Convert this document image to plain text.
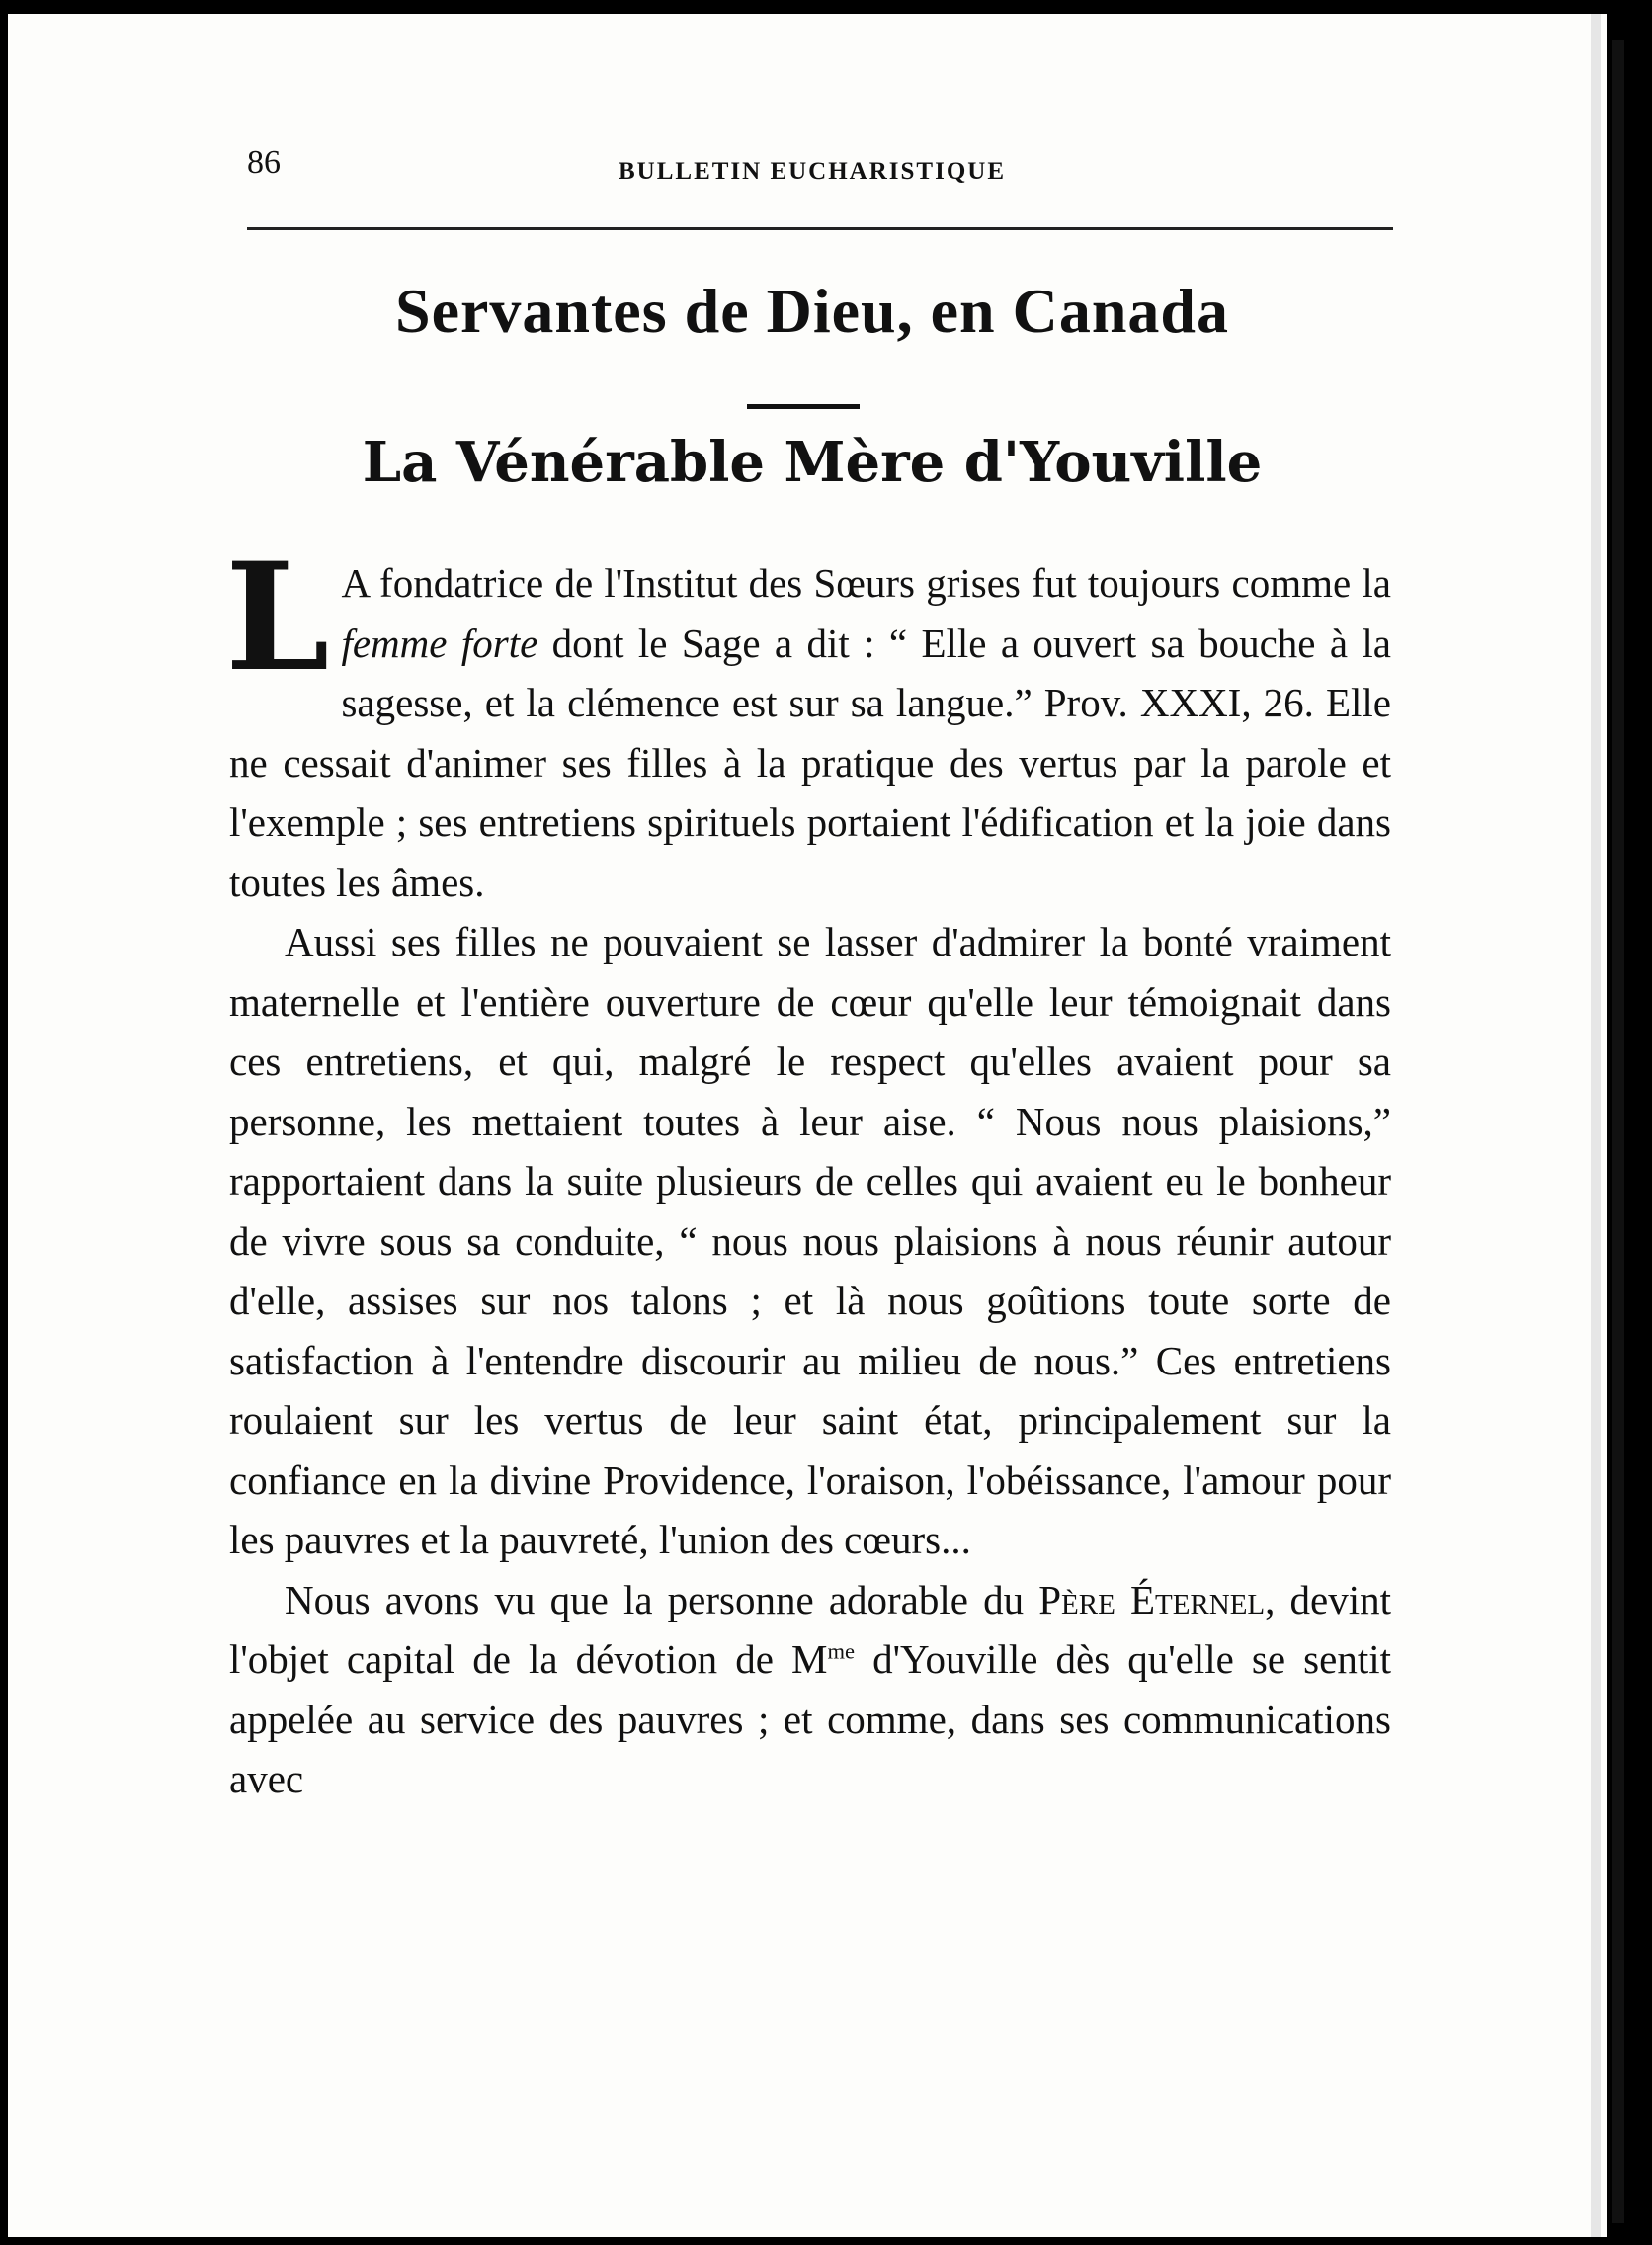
86	BULLETIN EUCHARISTIQUE
Servantes de Dieu, en Canada
La Vénérable Mère d'Youville

L A fondatrice de l'Institut des Sœurs grises fut toujours comme la femme forte dont le Sage a dit : “ Elle a ouvert sa bouche à la sagesse, et la clémence est sur sa langue.” Prov. XXXI, 26. Elle ne cessait d'animer ses filles à la pratique des vertus par la parole et l'exemple ; ses entretiens spirituels portaient l'édification et la joie dans toutes les âmes.

Aussi ses filles ne pouvaient se lasser d'admirer la bonté vraiment maternelle et l'entière ouverture de cœur qu'elle leur témoignait dans ces entretiens, et qui, malgré le respect qu'elles avaient pour sa personne, les mettaient toutes à leur aise. “ Nous nous plaisions,” rapportaient dans la suite plusieurs de celles qui avaient eu le bonheur de vivre sous sa conduite, “ nous nous plaisions à nous réunir autour d'elle, assises sur nos talons ; et là nous goûtions toute sorte de satisfaction à l'entendre discourir au milieu de nous.” Ces entretiens roulaient sur les vertus de leur saint état, principalement sur la confiance en la divine Providence, l'oraison, l'obéissance, l'amour pour les pauvres et la pauvreté, l'union des cœurs...

Nous avons vu que la personne adorable du Père Éternel, devint l'objet capital de la dévotion de $M^{me}$ d'Youville dès qu'elle se sentit appelée au service des pauvres ; et comme, dans ses communications avec
